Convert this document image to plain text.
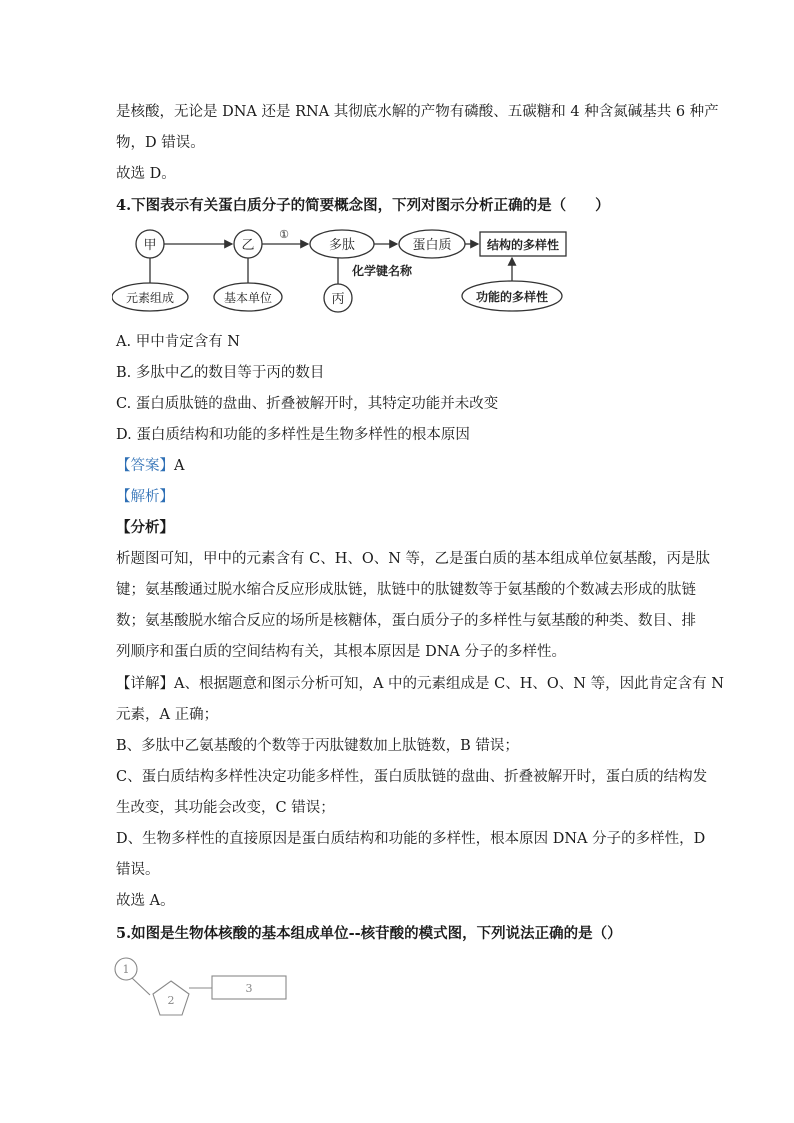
是核酸，无论是 DNA 还是 RNA 其彻底水解的产物有磷酸、五碳糖和 4 种含氮碱基共 6 种产
物，D 错误。
故选 D。
4.下图表示有关蛋白质分子的简要概念图，下列对图示分析正确的是（　　）
甲	乙
①
多肽	蛋白质	结构的多样性
元素组成	基本单位
化学键名称
丙	功能的多样性
A. 甲中肯定含有 N
B. 多肽中乙的数目等于丙的数目
C. 蛋白质肽链的盘曲、折叠被解开时，其特定功能并未改变
D. 蛋白质结构和功能的多样性是生物多样性的根本原因
【答案】A
【解析】
【分析】
析题图可知，甲中的元素含有 C、H、O、N 等，乙是蛋白质的基本组成单位氨基酸，丙是肽
键；氨基酸通过脱水缩合反应形成肽链，肽链中的肽键数等于氨基酸的个数减去形成的肽链
数；氨基酸脱水缩合反应的场所是核糖体，蛋白质分子的多样性与氨基酸的种类、数目、排
列顺序和蛋白质的空间结构有关，其根本原因是 DNA 分子的多样性。
【详解】A、根据题意和图示分析可知，A 中的元素组成是 C、H、O、N 等，因此肯定含有 N
元素，A 正确；
B、多肽中乙氨基酸的个数等于丙肽键数加上肽链数，B 错误；
C、蛋白质结构多样性决定功能多样性，蛋白质肽链的盘曲、折叠被解开时，蛋白质的结构发
生改变，其功能会改变，C 错误；
D、生物多样性的直接原因是蛋白质结构和功能的多样性，根本原因 DNA 分子的多样性，D
错误。
故选 A。
5.如图是生物体核酸的基本组成单位--核苷酸的模式图，下列说法正确的是（）
1
2
3
